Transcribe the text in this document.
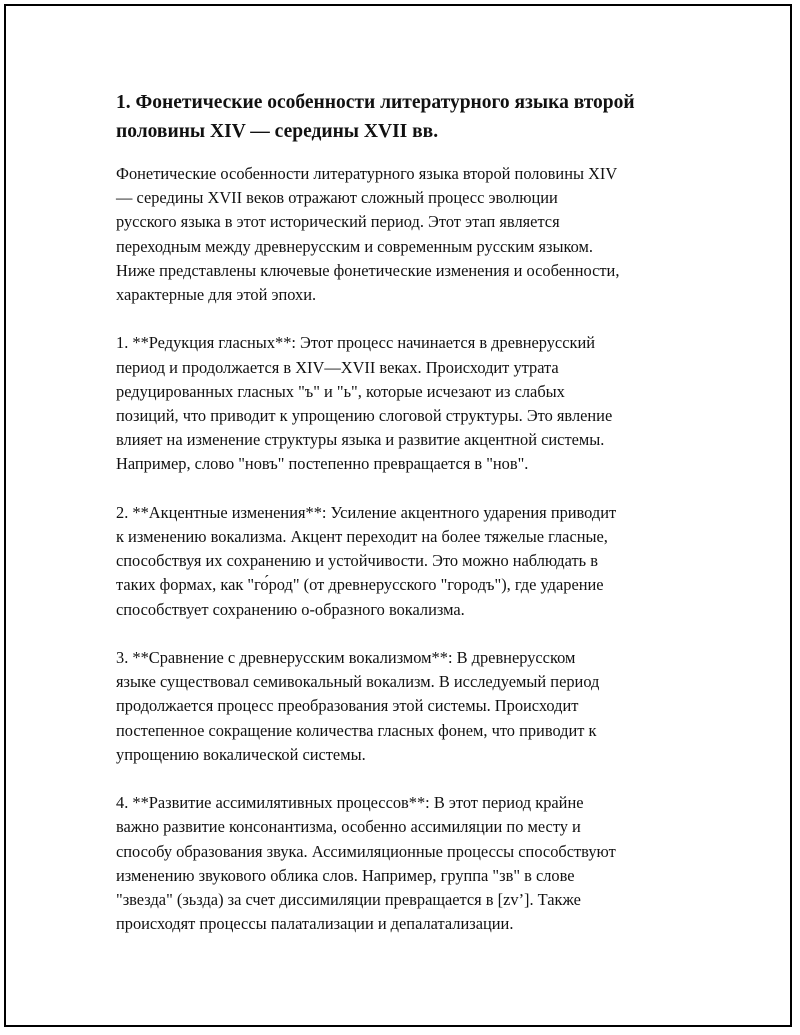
1. Фонетические особенности литературного языка второй
половины XIV — середины XVII вв.

Фонетические особенности литературного языка второй половины XIV
— середины XVII веков отражают сложный процесс эволюции
русского языка в этот исторический период. Этот этап является
переходным между древнерусским и современным русским языком.
Ниже представлены ключевые фонетические изменения и особенности,
характерные для этой эпохи.

1. **Редукция гласных**: Этот процесс начинается в древнерусский
период и продолжается в XIV—XVII веках. Происходит утрата
редуцированных гласных "ъ" и "ь", которые исчезают из слабых
позиций, что приводит к упрощению слоговой структуры. Это явление
влияет на изменение структуры языка и развитие акцентной системы.
Например, слово "новъ" постепенно превращается в "нов".

2. **Акцентные изменения**: Усиление акцентного ударения приводит
к изменению вокализма. Акцент переходит на более тяжелые гласные,
способствуя их сохранению и устойчивости. Это можно наблюдать в
таких формах, как "го́род" (от древнерусского "городъ"), где ударение
способствует сохранению о-образного вокализма.

3. **Сравнение с древнерусским вокализмом**: В древнерусском
языке существовал семивокальный вокализм. В исследуемый период
продолжается процесс преобразования этой системы. Происходит
постепенное сокращение количества глaсных фонем, что приводит к
упрощению вокалической системы.

4. **Развитие ассимилятивных процессов**: В этот период крайне
важно развитие консонантизма, особенно ассимиляции по месту и
способу образования звука. Ассимиляционные процессы способствуют
изменению звукового облика слов. Например, группа "зв" в слове
"звезда" (зьзда) за счет диссимиляции превращается в [zv’]. Также
происходят процессы палатализации и депалатализации.
